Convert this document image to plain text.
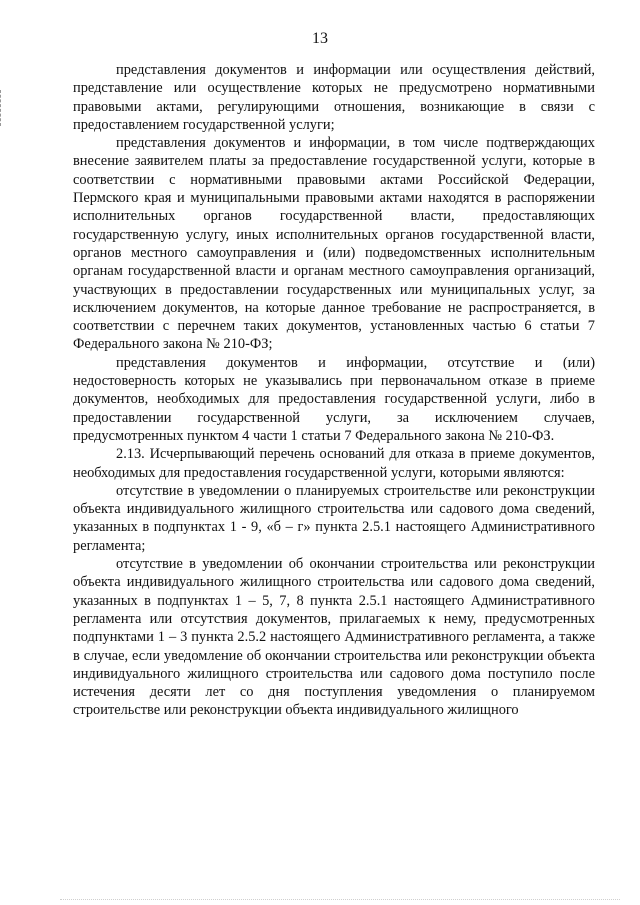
13

представления документов и информации или осуществления действий, представление или осуществление которых не предусмотрено нормативными правовыми актами, регулирующими отношения, возникающие в связи с предоставлением государственной услуги;

представления документов и информации, в том числе подтверждающих внесение заявителем платы за предоставление государственной услуги, которые в соответствии с нормативными правовыми актами Российской Федерации, Пермского края и муниципальными правовыми актами находятся в распоряжении исполнительных органов государственной власти, предоставляющих государственную услугу, иных исполнительных органов государственной власти, органов местного самоуправления и (или) подведомственных исполнительным органам государственной власти и органам местного самоуправления организаций, участвующих в предоставлении государственных или муниципальных услуг, за исключением документов, на которые данное требование не распространяется, в соответствии с перечнем таких документов, установленных частью 6 статьи 7 Федерального закона № 210-ФЗ;

представления документов и информации, отсутствие и (или) недостоверность которых не указывались при первоначальном отказе в приеме документов, необходимых для предоставления государственной услуги, либо в предоставлении государственной услуги, за исключением случаев, предусмотренных пунктом 4 части 1 статьи 7 Федерального закона № 210-ФЗ.

2.13. Исчерпывающий перечень оснований для отказа в приеме документов, необходимых для предоставления государственной услуги, которыми являются:

отсутствие в уведомлении о планируемых строительстве или реконструкции объекта индивидуального жилищного строительства или садового дома сведений, указанных в подпунктах 1 - 9, «б – г» пункта 2.5.1 настоящего Административного регламента;

отсутствие в уведомлении об окончании строительства или реконструкции объекта индивидуального жилищного строительства или садового дома сведений, указанных в подпунктах 1 – 5, 7, 8 пункта 2.5.1 настоящего Административного регламента или отсутствия документов, прилагаемых к нему, предусмотренных подпунктами 1 – 3 пункта 2.5.2 настоящего Административного регламента, а также в случае, если уведомление об окончании строительства или реконструкции объекта индивидуального жилищного строительства или садового дома поступило после истечения десяти лет со дня поступления уведомления о планируемом строительстве или реконструкции объекта индивидуального жилищного
